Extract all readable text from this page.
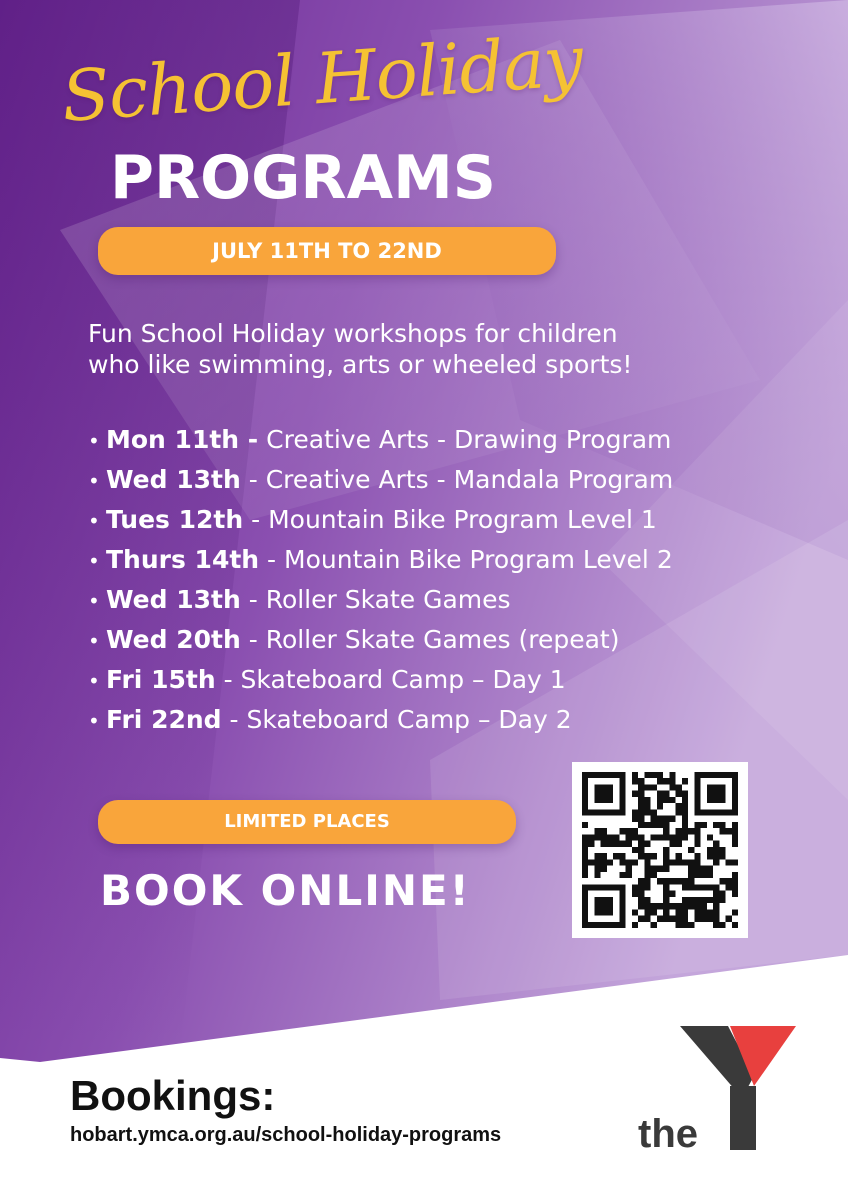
School Holiday
PROGRAMS
JULY 11TH TO 22ND
Fun School Holiday workshops for children
who like swimming, arts or wheeled sports!
• Mon 11th - Creative Arts - Drawing Program
• Wed 13th - Creative Arts - Mandala Program
• Tues 12th - Mountain Bike Program Level 1
• Thurs 14th - Mountain Bike Program Level 2
• Wed 13th - Roller Skate Games
• Wed 20th - Roller Skate Games (repeat)
• Fri 15th - Skateboard Camp – Day 1
• Fri 22nd - Skateboard Camp – Day 2
LIMITED PLACES
BOOK ONLINE!
Bookings:
hobart.ymca.org.au/school-holiday-programs	the
